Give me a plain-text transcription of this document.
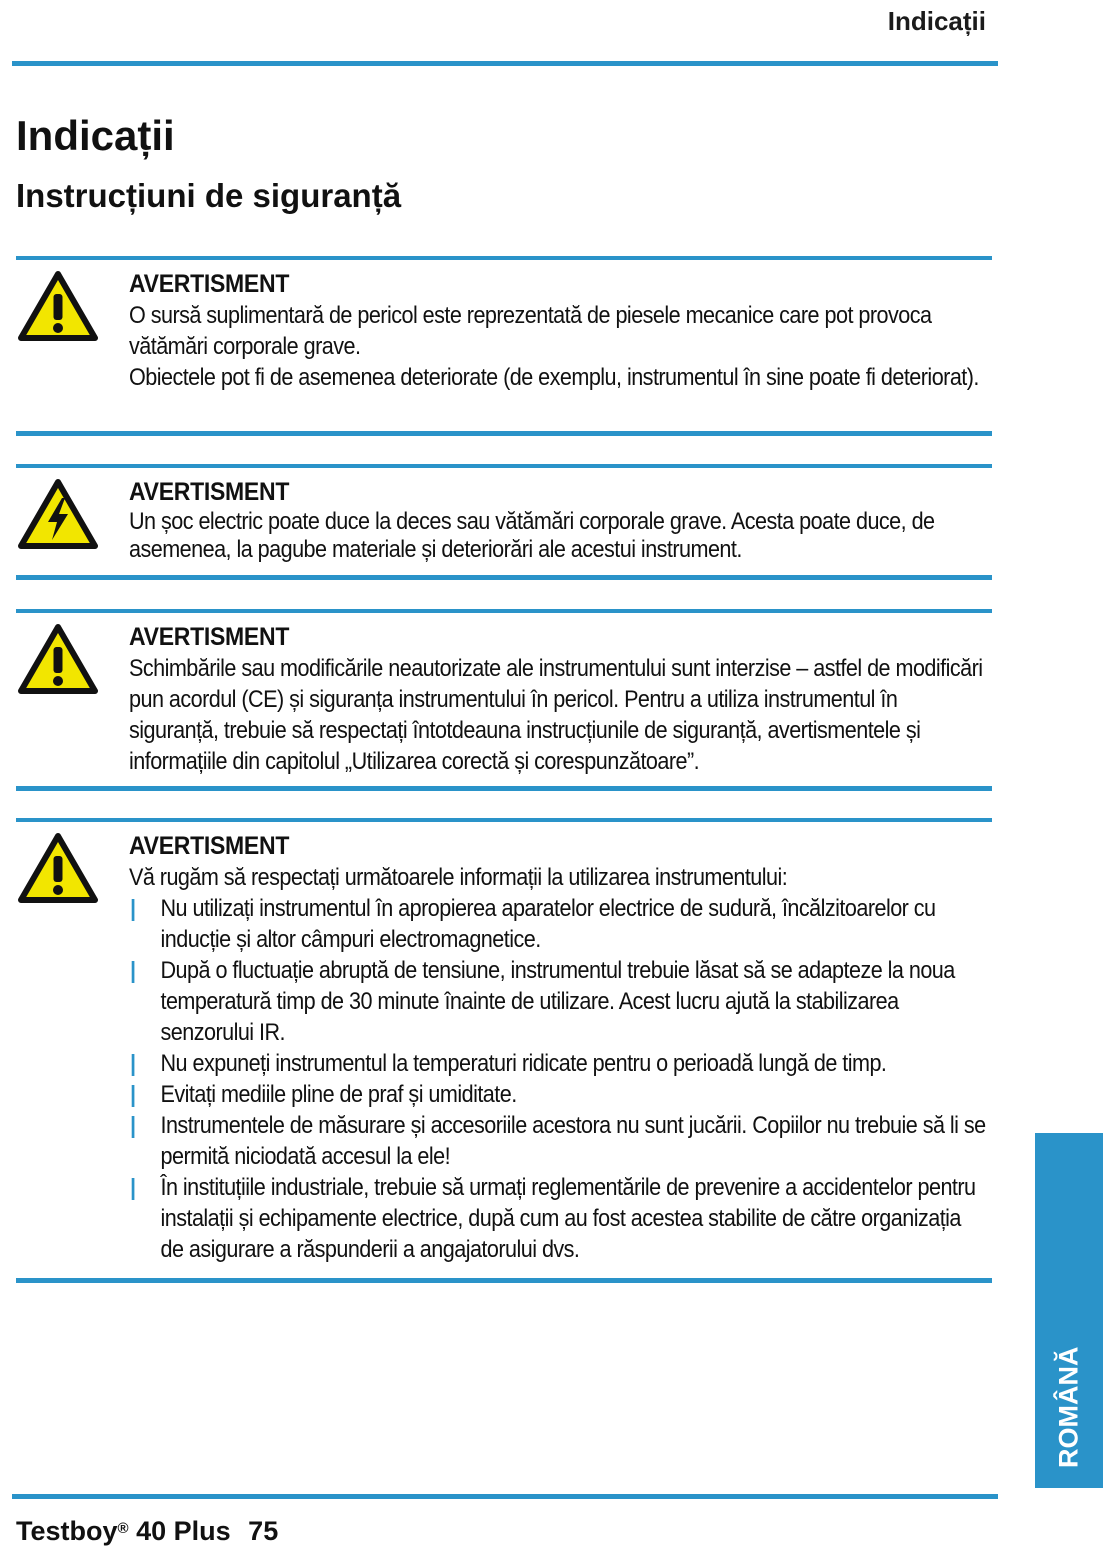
Indicații
Indicații
Instrucțiuni de siguranță
AVERTISMENT

O sursă suplimentară de pericol este reprezentată de piesele mecanice care pot provoca vătămări corporale grave.

Obiectele pot fi de asemenea deteriorate (de exemplu, instrumentul în sine poate fi deteriorat).

AVERTISMENT

Un șoc electric poate duce la deces sau vătămări corporale grave. Acesta poate duce, de asemenea, la pagube materiale și deteriorări ale acestui instrument.

AVERTISMENT

Schimbările sau modificările neautorizate ale instrumentului sunt interzise – astfel de modificări pun acordul (CE) și siguranța instrumentului în pericol. Pentru a utiliza instrumentul în siguranță, trebuie să respectați întotdeauna instrucțiunile de siguranță, avertismentele și informațiile din capitolul „Utilizarea corectă și corespunzătoare”.

AVERTISMENT

Vă rugăm să respectați următoarele informații la utilizarea instrumentului:

Nu utilizați instrumentul în apropierea aparatelor electrice de sudură, încălzitoarelor cu inducție și altor câmpuri electromagnetice.
După o fluctuație abruptă de tensiune, instrumentul trebuie lăsat să se adapteze la noua temperatură timp de 30 minute înainte de utilizare. Acest lucru ajută la stabilizarea senzorului IR.
Nu expuneți instrumentul la temperaturi ridicate pentru o perioadă lungă de timp.
Evitați mediile pline de praf și umiditate.
Instrumentele de măsurare și accesoriile acestora nu sunt jucării. Copiilor nu trebuie să li se permită niciodată accesul la ele!
În instituțiile industriale, trebuie să urmați reglementările de prevenire a accidentelor pentru instalații și echipamente electrice, după cum au fost acestea stabilite de către organizația de asigurare a răspunderii a angajatorului dvs.
ROMÂNĂ
Testboy® 40 Plus 75
